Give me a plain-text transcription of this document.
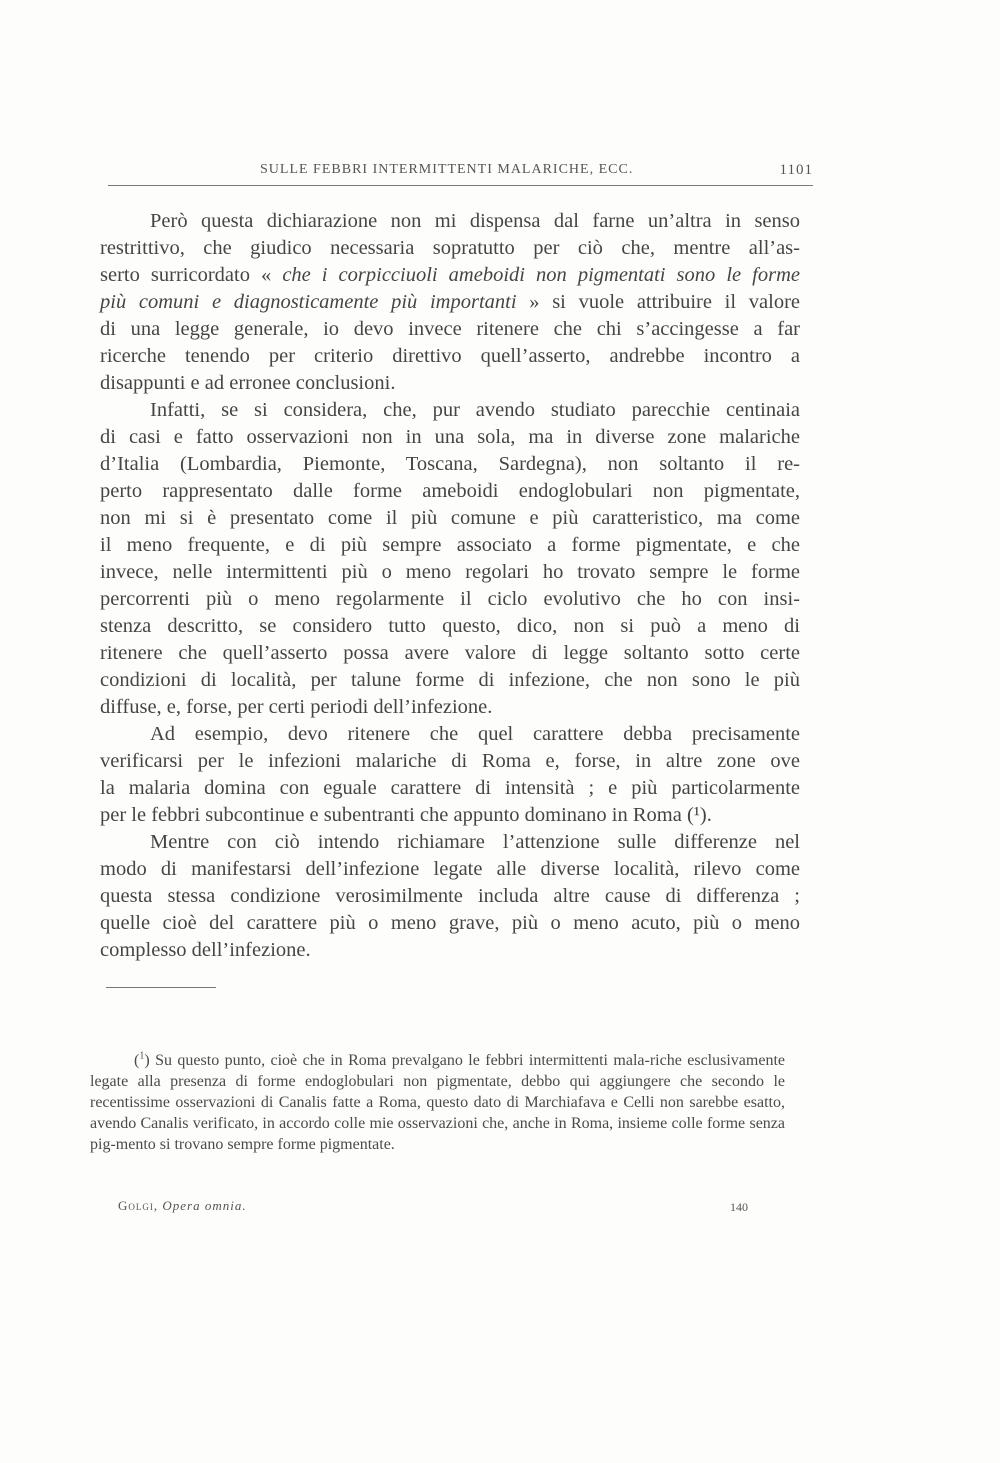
SULLE FEBBRI INTERMITTENTI MALARICHE, ECC.	1101
Però questa dichiarazione non mi dispensa dal farne un’altra in senso
restrittivo, che giudico necessaria sopratutto per ciò che, mentre all’as-
serto surricordato « che i corpicciuoli ameboidi non pigmentati sono le forme
più comuni e diagnosticamente più importanti » si vuole attribuire il valore
di una legge generale, io devo invece ritenere che chi s’accingesse a far
ricerche tenendo per criterio direttivo quell’asserto, andrebbe incontro a
disappunti e ad erronee conclusioni.
Infatti, se si considera, che, pur avendo studiato parecchie centinaia
di casi e fatto osservazioni non in una sola, ma in diverse zone malariche
d’Italia (Lombardia, Piemonte, Toscana, Sardegna), non soltanto il re-
perto rappresentato dalle forme ameboidi endoglobulari non pigmentate,
non mi si è presentato come il più comune e più caratteristico, ma come
il meno frequente, e di più sempre associato a forme pigmentate, e che
invece, nelle intermittenti più o meno regolari ho trovato sempre le forme
percorrenti più o meno regolarmente il ciclo evolutivo che ho con insi-
stenza descritto, se considero tutto questo, dico, non si può a meno di
ritenere che quell’asserto possa avere valore di legge soltanto sotto certe
condizioni di località, per talune forme di infezione, che non sono le più
diffuse, e, forse, per certi periodi dell’infezione.
Ad esempio, devo ritenere che quel carattere debba precisamente
verificarsi per le infezioni malariche di Roma e, forse, in altre zone ove
la malaria domina con eguale carattere di intensità ; e più particolarmente
per le febbri subcontinue e subentranti che appunto dominano in Roma (¹).
Mentre con ciò intendo richiamare l’attenzione sulle differenze nel
modo di manifestarsi dell’infezione legate alle diverse località, rilevo come
questa stessa condizione verosimilmente includa altre cause di differenza ;
quelle cioè del carattere più o meno grave, più o meno acuto, più o meno
complesso dell’infezione.

($^1$) Su questo punto, cioè che in Roma prevalgano le febbri intermittenti mala-riche esclusivamente legate alla presenza di forme endoglobulari non pigmentate, debbo qui aggiungere che secondo le recentissime osservazioni di Canalis fatte a Roma, questo dato di Marchiafava e Celli non sarebbe esatto, avendo Canalis verificato, in accordo colle mie osservazioni che, anche in Roma, insieme colle forme senza pig-mento si trovano sempre forme pigmentate.

Golgi, Opera omnia.	140
